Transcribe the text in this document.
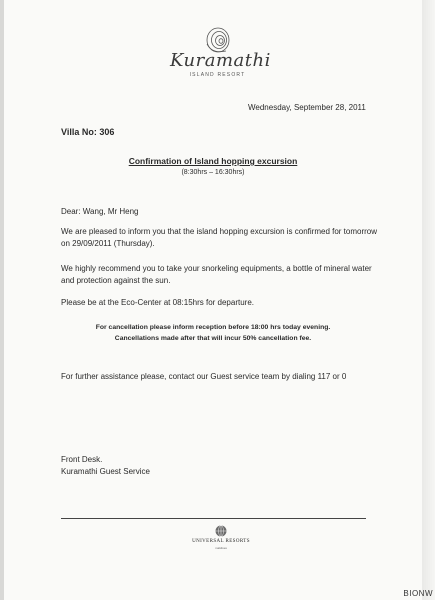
Kuramathi
ISLAND RESORT
Wednesday, September 28, 2011
Villa No: 306
Confirmation of Island hopping excursion
(8:30hrs – 16:30hrs)
Dear: Wang, Mr Heng
We are pleased to inform you that the island hopping excursion is confirmed for tomorrow on 29/09/2011 (Thursday).
We highly recommend you to take your snorkeling equipments, a bottle of mineral water and protection against the sun.
Please be at the Eco-Center at 08:15hrs for departure.
For cancellation please inform reception before 18:00 hrs today evening.
Cancellations made after that will incur 50% cancellation fee.
For further assistance please, contact our Guest service team by dialing 117 or 0
Front Desk.
Kuramathi Guest Service
UNIVERSAL RESORTS
maldives
BIONW
